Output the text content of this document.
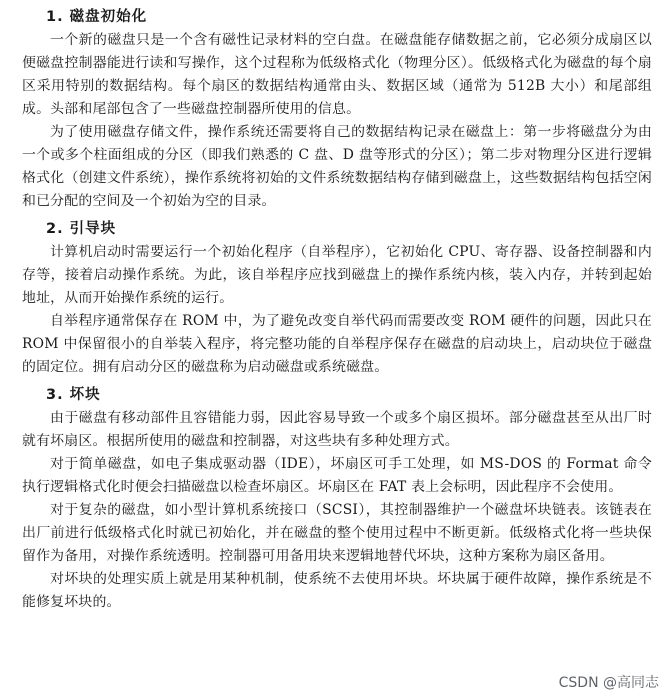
1. 磁盘初始化

一个新的磁盘只是一个含有磁性记录材料的空白盘。在磁盘能存储数据之前，它必须分成扇区以便磁盘控制器能进行读和写操作，这个过程称为低级格式化（物理分区）。低级格式化为磁盘的每个扇区采用特别的数据结构。每个扇区的数据结构通常由头、数据区域（通常为 512B 大小）和尾部组成。头部和尾部包含了一些磁盘控制器所使用的信息。

为了使用磁盘存储文件，操作系统还需要将自己的数据结构记录在磁盘上：第一步将磁盘分为由一个或多个柱面组成的分区（即我们熟悉的 C 盘、D 盘等形式的分区）；第二步对物理分区进行逻辑格式化（创建文件系统），操作系统将初始的文件系统数据结构存储到磁盘上，这些数据结构包括空闲和已分配的空间及一个初始为空的目录。

2. 引导块

计算机启动时需要运行一个初始化程序（自举程序），它初始化 CPU、寄存器、设备控制器和内存等，接着启动操作系统。为此，该自举程序应找到磁盘上的操作系统内核，装入内存，并转到起始地址，从而开始操作系统的运行。

自举程序通常保存在 ROM 中，为了避免改变自举代码而需要改变 ROM 硬件的问题，因此只在 ROM 中保留很小的自举装入程序，将完整功能的自举程序保存在磁盘的启动块上，启动块位于磁盘的固定位。拥有启动分区的磁盘称为启动磁盘或系统磁盘。

3. 坏块

由于磁盘有移动部件且容错能力弱，因此容易导致一个或多个扇区损坏。部分磁盘甚至从出厂时就有坏扇区。根据所使用的磁盘和控制器，对这些块有多种处理方式。

对于简单磁盘，如电子集成驱动器（IDE），坏扇区可手工处理，如 MS-DOS 的 Format 命令执行逻辑格式化时便会扫描磁盘以检查坏扇区。坏扇区在 FAT 表上会标明，因此程序不会使用。

对于复杂的磁盘，如小型计算机系统接口（SCSI），其控制器维护一个磁盘坏块链表。该链表在出厂前进行低级格式化时就已初始化，并在磁盘的整个使用过程中不断更新。低级格式化将一些块保留作为备用，对操作系统透明。控制器可用备用块来逻辑地替代坏块，这种方案称为扇区备用。

对坏块的处理实质上就是用某种机制，使系统不去使用坏块。坏块属于硬件故障，操作系统是不能修复坏块的。

CSDN @高同志
